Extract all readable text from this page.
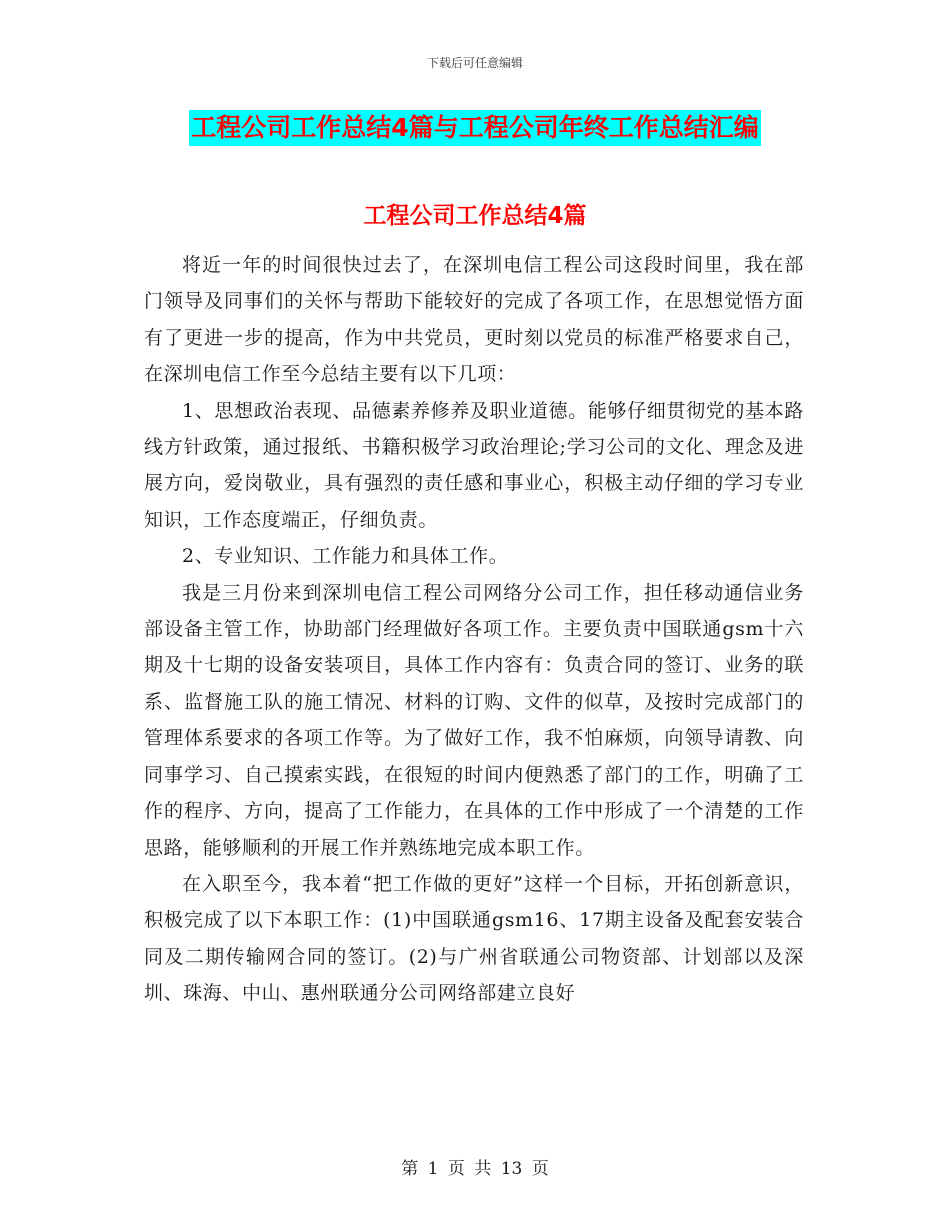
下载后可任意编辑
工程公司工作总结4篇与工程公司年终工作总结汇编
工程公司工作总结4篇

将近一年的时间很快过去了，在深圳电信工程公司这段时间里，我在部门领导及同事们的关怀与帮助下能较好的完成了各项工作，在思想觉悟方面有了更进一步的提高，作为中共党员，更时刻以党员的标准严格要求自己，在深圳电信工作至今总结主要有以下几项：

1、思想政治表现、品德素养修养及职业道德。能够仔细贯彻党的基本路线方针政策，通过报纸、书籍积极学习政治理论;学习公司的文化、理念及进展方向，爱岗敬业，具有强烈的责任感和事业心，积极主动仔细的学习专业知识，工作态度端正，仔细负责。

2、专业知识、工作能力和具体工作。

我是三月份来到深圳电信工程公司网络分公司工作，担任移动通信业务部设备主管工作，协助部门经理做好各项工作。主要负责中国联通gsm十六期及十七期的设备安装项目，具体工作内容有：负责合同的签订、业务的联系、监督施工队的施工情况、材料的订购、文件的似草，及按时完成部门的管理体系要求的各项工作等。为了做好工作，我不怕麻烦，向领导请教、向同事学习、自己摸索实践，在很短的时间内便熟悉了部门的工作，明确了工作的程序、方向，提高了工作能力，在具体的工作中形成了一个清楚的工作思路，能够顺利的开展工作并熟练地完成本职工作。

在入职至今，我本着“把工作做的更好”这样一个目标，开拓创新意识，积极完成了以下本职工作：(1)中国联通gsm16、17期主设备及配套安装合同及二期传输网合同的签订。(2)与广州省联通公司物资部、计划部以及深圳、珠海、中山、惠州联通分公司网络部建立良好

第 1 页 共 13 页
